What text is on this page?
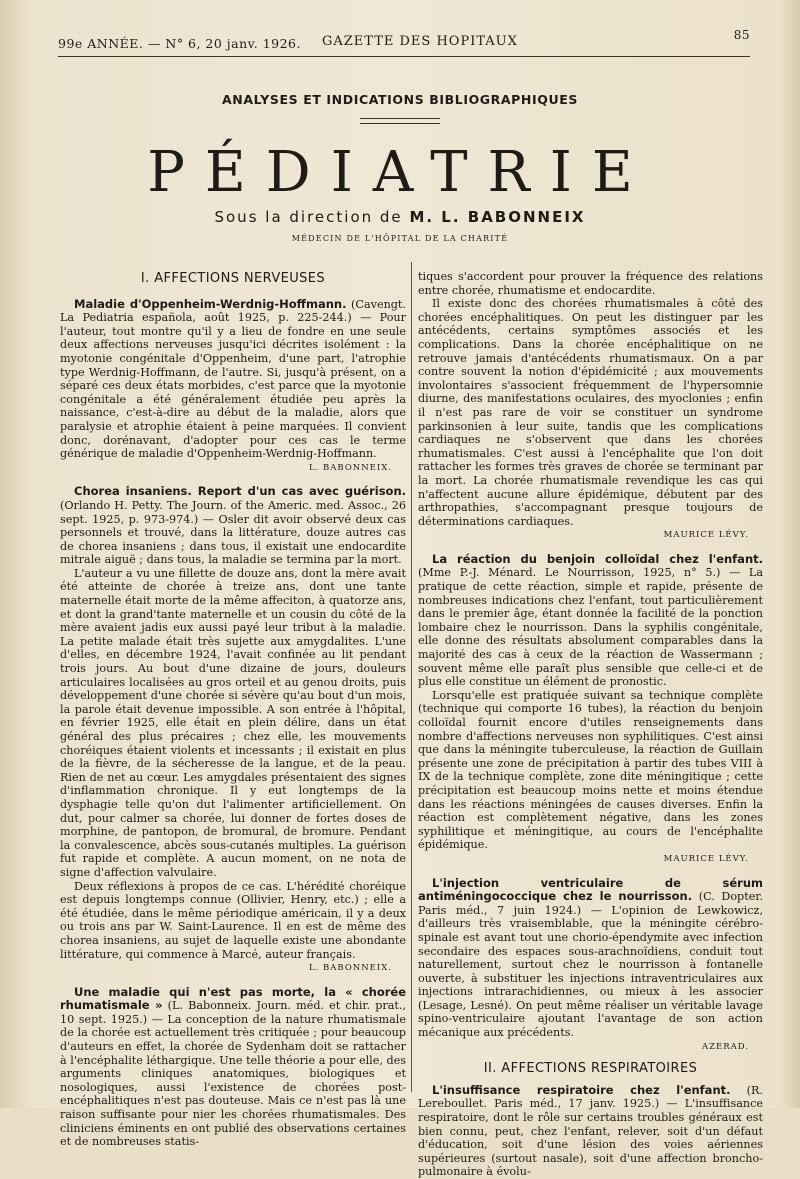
99e ANNÉE. — N° 6, 20 janv. 1926. GAZETTE DES HOPITAUX	85
ANALYSES ET INDICATIONS BIBLIOGRAPHIQUES
PÉDIATRIE
Sous la direction de M. L. BABONNEIX
MÉDECIN DE L'HÔPITAL DE LA CHARITÉ
I. AFFECTIONS NERVEUSES

Maladie d'Oppenheim-Werdnig-Hoffmann. (Cavengt. La Pediatria española, août 1925, p. 225-244.) — Pour l'auteur, tout montre qu'il y a lieu de fondre en une seule deux affections nerveuses jusqu'ici décrites isolément : la myotonie congénitale d'Oppenheim, d'une part, l'atrophie type Werdnig-Hoffmann, de l'autre. Si, jusqu'à présent, on a séparé ces deux états morbides, c'est parce que la myotonie congénitale a été généralement étudiée peu après la naissance, c'est-à-dire au début de la maladie, alors que paralysie et atrophie étaient à peine marquées. Il convient donc, dorénavant, d'adopter pour ces cas le terme générique de maladie d'Oppenheim-Werdnig-Hoffmann.

L. BABONNEIX.

Chorea insaniens. Report d'un cas avec guérison. (Orlando H. Petty. The Journ. of the Americ. med. Assoc., 26 sept. 1925, p. 973-974.) — Osler dit avoir observé deux cas personnels et trouvé, dans la littérature, douze autres cas de chorea insaniens ; dans tous, il existait une endocardite mitrale aiguë ; dans tous, la maladie se termina par la mort.

L'auteur a vu une fillette de douze ans, dont la mère avait été atteinte de chorée à treize ans, dont une tante maternelle était morte de la même affeciton, à quatorze ans, et dont la grand'tante maternelle et un cousin du côté de la mère avaient jadis eux aussi payé leur tribut à la maladie. La petite malade était très sujette aux amygdalites. L'une d'elles, en décembre 1924, l'avait confinée au lit pendant trois jours. Au bout d'une dizaine de jours, douleurs articulaires localisées au gros orteil et au genou droits, puis développement d'une chorée si sévère qu'au bout d'un mois, la parole était devenue impossible. A son entrée à l'hôpital, en février 1925, elle était en plein délire, dans un état général des plus précaires ; chez elle, les mouvements choréiques étaient violents et incessants ; il existait en plus de la fièvre, de la sécheresse de la langue, et de la peau. Rien de net au cœur. Les amygdales présentaient des signes d'inflammation chronique. Il y eut longtemps de la dysphagie telle qu'on dut l'alimenter artificiellement. On dut, pour calmer sa chorée, lui donner de fortes doses de morphine, de pantopon, de bromural, de bromure. Pendant la convalescence, abcès sous-cutanés multiples. La guérison fut rapide et complète. A aucun moment, on ne nota de signe d'affection valvulaire.

Deux réflexions à propos de ce cas. L'hérédité choréique est depuis longtemps connue (Ollivier, Henry, etc.) ; elle a été étudiée, dans le même périodique américain, il y a deux ou trois ans par W. Saint-Laurence. Il en est de même des chorea insaniens, au sujet de laquelle existe une abondante littérature, qui commence à Marcé, auteur français.

L. BABONNEIX.

Une maladie qui n'est pas morte, la « chorée rhumatismale » (L. Babonneix. Journ. méd. et chir. prat., 10 sept. 1925.) — La conception de la nature rhumatismale de la chorée est actuellement très critiquée ; pour beaucoup d'auteurs en effet, la chorée de Sydenham doit se rattacher à l'encéphalite léthargique. Une telle théorie a pour elle, des arguments cliniques anatomiques, biologiques et nosologiques, aussi l'existence de chorées post-encéphalitiques n'est pas douteuse. Mais ce n'est pas là une raison suffisante pour nier les chorées rhumatismales. Des cliniciens éminents en ont publié des observations certaines et de nombreuses statis-

tiques s'accordent pour prouver la fréquence des relations entre chorée, rhumatisme et endocardite.

Il existe donc des chorées rhumatismales à côté des chorées encéphalitiques. On peut les distinguer par les antécédents, certains symptômes associés et les complications. Dans la chorée encéphalitique on ne retrouve jamais d'antécédents rhumatismaux. On a par contre souvent la notion d'épidémicité ; aux mouvements involontaires s'associent fréquemment de l'hypersomnie diurne, des manifestations oculaires, des myoclonies ; enfin il n'est pas rare de voir se constituer un syndrome parkinsonien à leur suite, tandis que les complications cardiaques ne s'observent que dans les chorées rhumatismales. C'est aussi à l'encéphalite que l'on doit rattacher les formes très graves de chorée se terminant par la mort. La chorée rhumatismale revendique les cas qui n'affectent aucune allure épidémique, débutent par des arthropathies, s'accompagnant presque toujours de déterminations cardiaques.

MAURICE LÉVY.

La réaction du benjoin colloïdal chez l'enfant. (Mme P.-J. Ménard. Le Nourrisson, 1925, n° 5.) — La pratique de cette réaction, simple et rapide, présente de nombreuses indications chez l'enfant, tout particulièrement dans le premier âge, étant donnée la facilité de la ponction lombaire chez le nourrisson. Dans la syphilis congénitale, elle donne des résultats absolument comparables dans la majorité des cas à ceux de la réaction de Wassermann ; souvent même elle paraît plus sensible que celle-ci et de plus elle constitue un élément de pronostic.

Lorsqu'elle est pratiquée suivant sa technique complète (technique qui comporte 16 tubes), la réaction du benjoin colloïdal fournit encore d'utiles renseignements dans nombre d'affections nerveuses non syphilitiques. C'est ainsi que dans la méningite tuberculeuse, la réaction de Guillain présente une zone de précipitation à partir des tubes VIII à IX de la technique complète, zone dite méningitique ; cette précipitation est beaucoup moins nette et moins étendue dans les réactions méningées de causes diverses. Enfin la réaction est complètement négative, dans les zones syphilitique et méningitique, au cours de l'encéphalite épidémique.

MAURICE LÉVY.

L'injection ventriculaire de sérum antiméningococcique chez le nourrisson. (C. Dopter. Paris méd., 7 juin 1924.) — L'opinion de Lewkowicz, d'ailleurs très vraisemblable, que la méningite cérébro-spinale est avant tout une chorio-épendymite avec infection secondaire des espaces sous-arachnoïdiens, conduit tout naturellement, surtout chez le nourrisson à fontanelle ouverte, à substituer les injections intraventriculaires aux injections intrarachidiennes, ou mieux à les associer (Lesage, Lesné). On peut même réaliser un véritable lavage spino-ventriculaire ajoutant l'avantage de son action mécanique aux précédents.

AZERAD.

II. AFFECTIONS RESPIRATOIRES

L'insuffisance respiratoire chez l'enfant. (R. Lereboullet. Paris méd., 17 janv. 1925.) — L'insuffisance respiratoire, dont le rôle sur certains troubles généraux est bien connu, peut, chez l'enfant, relever, soit d'un défaut d'éducation, soit d'une lésion des voies aériennes supérieures (surtout nasale), soit d'une affection broncho-pulmonaire à évolu-
